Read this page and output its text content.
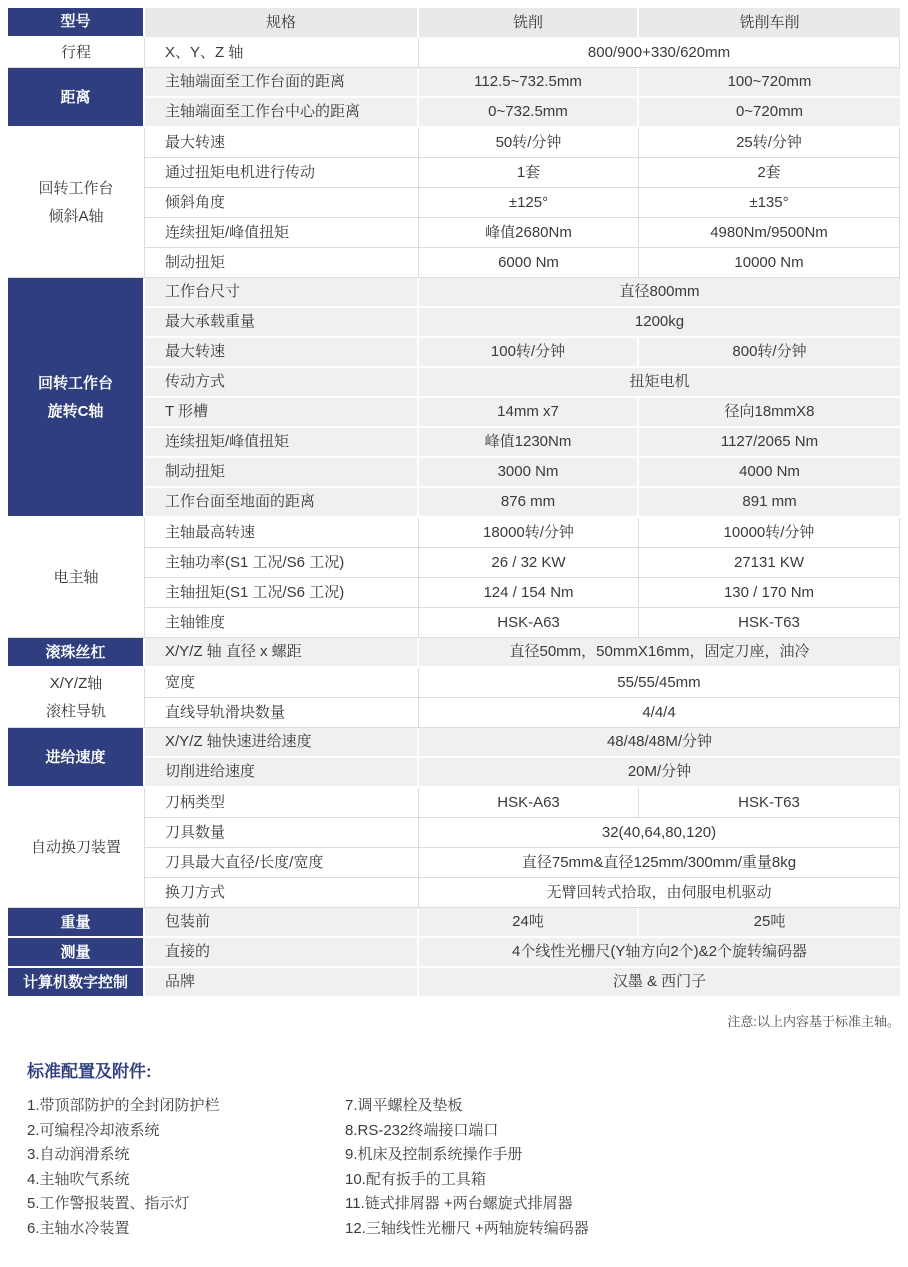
型号	规格	铣削	铣削车削
行程	X、Y、Z 轴	800/900+330/620mm
距离
主轴端面至工作台面的距离	112.5~732.5mm	100~720mm
主轴端面至工作台中心的距离	0~732.5mm	0~720mm
回转工作台
倾斜A轴
最大转速	50转/分钟	25转/分钟
通过扭矩电机进行传动	1套	2套
倾斜角度	±125°	±135°
连续扭矩/峰值扭矩	峰值2680Nm	4980Nm/9500Nm
制动扭矩	6000 Nm	10000 Nm
回转工作台
旋转C轴
工作台尺寸	直径800mm
最大承载重量	1200kg
最大转速	100转/分钟	800转/分钟
传动方式	扭矩电机
T 形槽	14mm x7	径向18mmX8
连续扭矩/峰值扭矩	峰值1230Nm	1127/2065 Nm
制动扭矩	3000 Nm	4000 Nm
工作台面至地面的距离	876 mm	891 mm
电主轴
主轴最高转速	18000转/分钟	10000转/分钟
主轴功率(S1 工况/S6 工况)	26 / 32 KW	27131 KW
主轴扭矩(S1 工况/S6 工况)	124 / 154 Nm	130 / 170 Nm
主轴锥度	HSK-A63	HSK-T63
滚珠丝杠	X/Y/Z 轴 直径 x 螺距	直径50mm，50mmX16mm，固定刀座，油冷
X/Y/Z轴
滚柱导轨
宽度	55/55/45mm
直线导轨滑块数量	4/4/4
进给速度
X/Y/Z 轴快速进给速度	48/48/48M/分钟
切削进给速度	20M/分钟
自动换刀装置
刀柄类型	HSK-A63	HSK-T63
刀具数量	32(40,64,80,120)
刀具最大直径/长度/宽度	直径75mm&直径125mm/300mm/重量8kg
换刀方式	无臂回转式拾取，由伺服电机驱动
重量	包装前	24吨	25吨
测量	直接的	4个线性光栅尺(Y轴方向2个)&2个旋转编码器
计算机数字控制	品牌	汉墨 & 西门子
注意:以上内容基于标准主轴。
标准配置及附件:
1.带顶部防护的全封闭防护栏
2.可编程冷却液系统
3.自动润滑系统
4.主轴吹气系统
5.工作警报装置、指示灯
6.主轴水冷装置
7.调平螺栓及垫板
8.RS-232终端接口端口
9.机床及控制系统操作手册
10.配有扳手的工具箱
11.链式排屑器 +两台螺旋式排屑器
12.三轴线性光栅尺 +两轴旋转编码器
